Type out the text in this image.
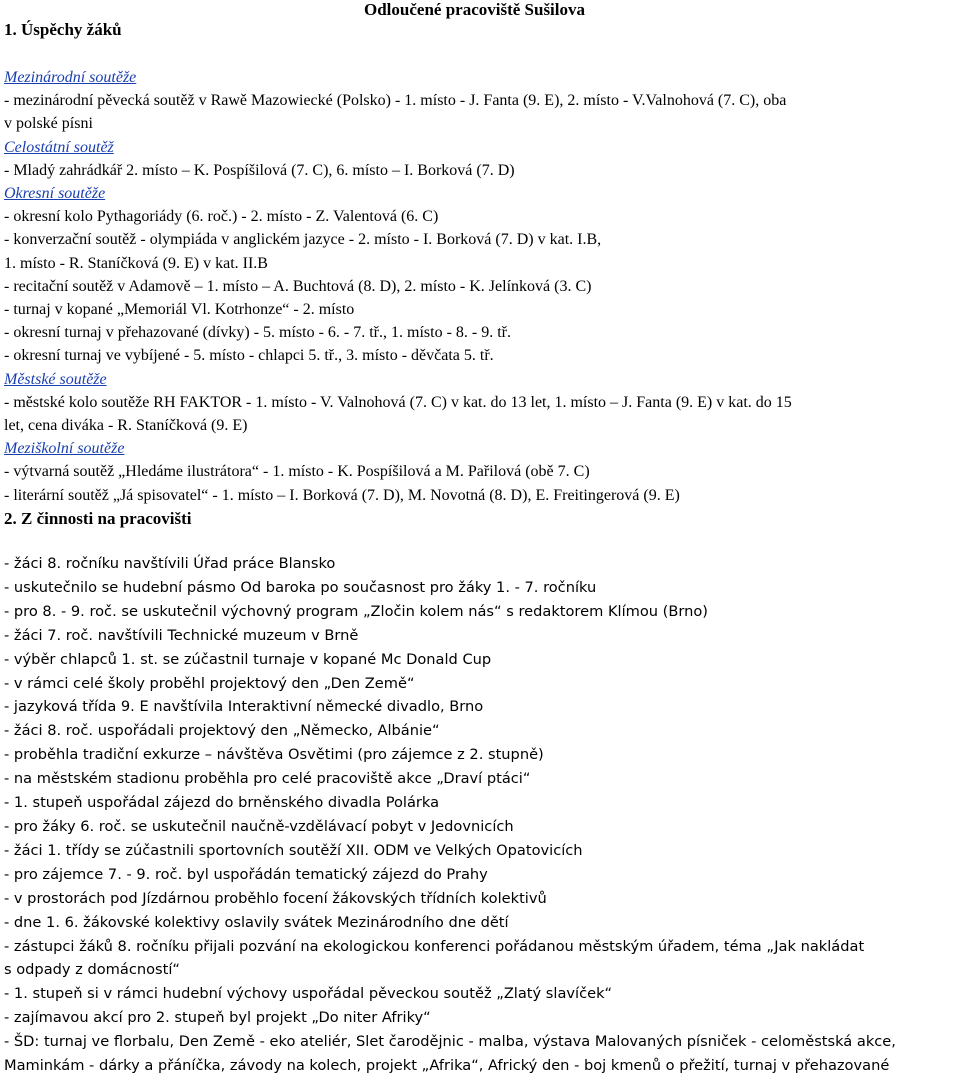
Odloučené pracoviště Sušilova
1. Úspěchy žáků
Mezinárodní soutěže
- mezinárodní pěvecká soutěž v Rawě Mazowiecké (Polsko) - 1. místo - J. Fanta (9. E), 2. místo - V.Valnohová (7. C), oba
v polské písni
Celostátní soutěž
- Mladý zahrádkář 2. místo – K. Pospíšilová (7. C), 6. místo – I. Borková (7. D)
Okresní soutěže
- okresní kolo Pythagoriády (6. roč.) - 2. místo - Z. Valentová (6. C)
- konverzační soutěž - olympiáda v anglickém jazyce - 2. místo - I. Borková (7. D) v kat. I.B,
1. místo - R. Staníčková (9. E) v kat. II.B
- recitační soutěž v Adamově – 1. místo – A. Buchtová (8. D), 2. místo - K. Jelínková (3. C)
- turnaj v kopané „Memoriál Vl. Kotrhonze“ - 2. místo
- okresní turnaj v přehazované (dívky) - 5. místo - 6. - 7. tř., 1. místo - 8. - 9. tř.
- okresní turnaj ve vybíjené - 5. místo - chlapci 5. tř., 3. místo - děvčata 5. tř.
Městské soutěže
- městské kolo soutěže RH FAKTOR - 1. místo - V. Valnohová (7. C) v kat. do 13 let, 1. místo – J. Fanta (9. E) v kat. do 15
let, cena diváka - R. Staníčková (9. E)
Meziškolní soutěže
- výtvarná soutěž „Hledáme ilustrátora“ - 1. místo - K. Pospíšilová a M. Pařilová (obě 7. C)
- literární soutěž „Já spisovatel“ - 1. místo – I. Borková (7. D), M. Novotná (8. D), E. Freitingerová (9. E)
2. Z činnosti na pracovišti
- žáci 8. ročníku navštívili Úřad práce Blansko
- uskutečnilo se hudební pásmo Od baroka po současnost pro žáky 1. - 7. ročníku
- pro 8. - 9. roč. se uskutečnil výchovný program „Zločin kolem nás“ s redaktorem Klímou (Brno)
- žáci 7. roč. navštívili Technické muzeum v Brně
- výběr chlapců 1. st. se zúčastnil turnaje v kopané Mc Donald Cup
- v rámci celé školy proběhl projektový den „Den Země“
- jazyková třída 9. E navštívila Interaktivní německé divadlo, Brno
- žáci 8. roč. uspořádali projektový den „Německo, Albánie“
- proběhla tradiční exkurze – návštěva Osvětimi (pro zájemce z 2. stupně)
- na městském stadionu proběhla pro celé pracoviště akce „Draví ptáci“
- 1. stupeň uspořádal zájezd do brněnského divadla Polárka
- pro žáky 6. roč. se uskutečnil naučně-vzdělávací pobyt v Jedovnicích
- žáci 1. třídy se zúčastnili sportovních soutěží XII. ODM ve Velkých Opatovicích
- pro zájemce 7. - 9. roč. byl uspořádán tematický zájezd do Prahy
- v prostorách pod Jízdárnou proběhlo focení žákovských třídních kolektivů
- dne 1. 6. žákovské kolektivy oslavily svátek Mezinárodního dne dětí
- zástupci žáků 8. ročníku přijali pozvání na ekologickou konferenci pořádanou městským úřadem, téma „Jak nakládat
s odpady z domácností“
- 1. stupeň si v rámci hudební výchovy uspořádal pěveckou soutěž „Zlatý slavíček“
- zajímavou akcí pro 2. stupeň byl projekt „Do niter Afriky“
- ŠD: turnaj ve florbalu, Den Země - eko ateliér, Slet čarodějnic - malba, výstava Malovaných písniček - celoměstská akce,
Maminkám - dárky a přáníčka, závody na kolech, projekt „Afrika“, Africký den - boj kmenů o přežití, turnaj v přehazované
